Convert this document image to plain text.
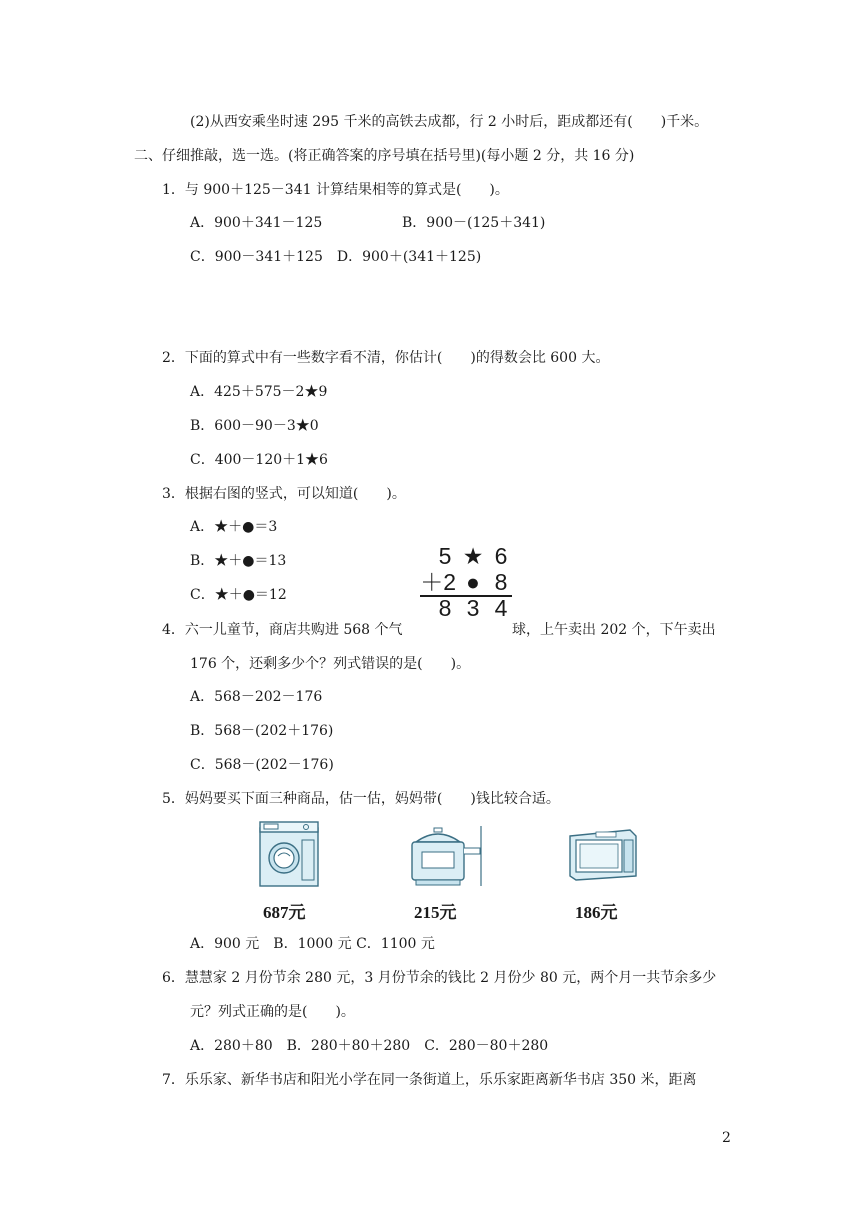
(2)从西安乘坐时速 295 千米的高铁去成都，行 2 小时后，距成都还有(　　)千米。
二、仔细推敲，选一选。(将正确答案的序号填在括号里)(每小题 2 分，共 16 分)
1．与 900＋125－341 计算结果相等的算式是(　　)。
A．900＋341－125	B．900－(125＋341)
C．900－341＋125　D．900＋(341＋125)
2．下面的算式中有一些数字看不清，你估计(　　)的得数会比 600 大。
A．425＋575－2★9
B．600－90－3★0
C．400－120＋1★6
3．根据右图的竖式，可以知道(　　)。
A．★＋●＝3
B．★＋●＝13
C．★＋●＝12
5 ★ 6
＋2 ● 8
8 3 4
4．六一儿童节，商店共购进 568 个气	球，上午卖出 202 个，下午卖出
176 个，还剩多少个？列式错误的是(　　)。
A．568－202－176
B．568－(202＋176)
C．568－(202－176)
5．妈妈要买下面三种商品，估一估，妈妈带(　　)钱比较合适。
687元	215元	186元
A．900 元　B．1000 元 C．1100 元
6．慧慧家 2 月份节余 280 元，3 月份节余的钱比 2 月份少 80 元，两个月一共节余多少
元？列式正确的是(　　)。
A．280＋80　B．280＋80＋280　C．280－80＋280
7．乐乐家、新华书店和阳光小学在同一条街道上，乐乐家距离新华书店 350 米，距离
2
